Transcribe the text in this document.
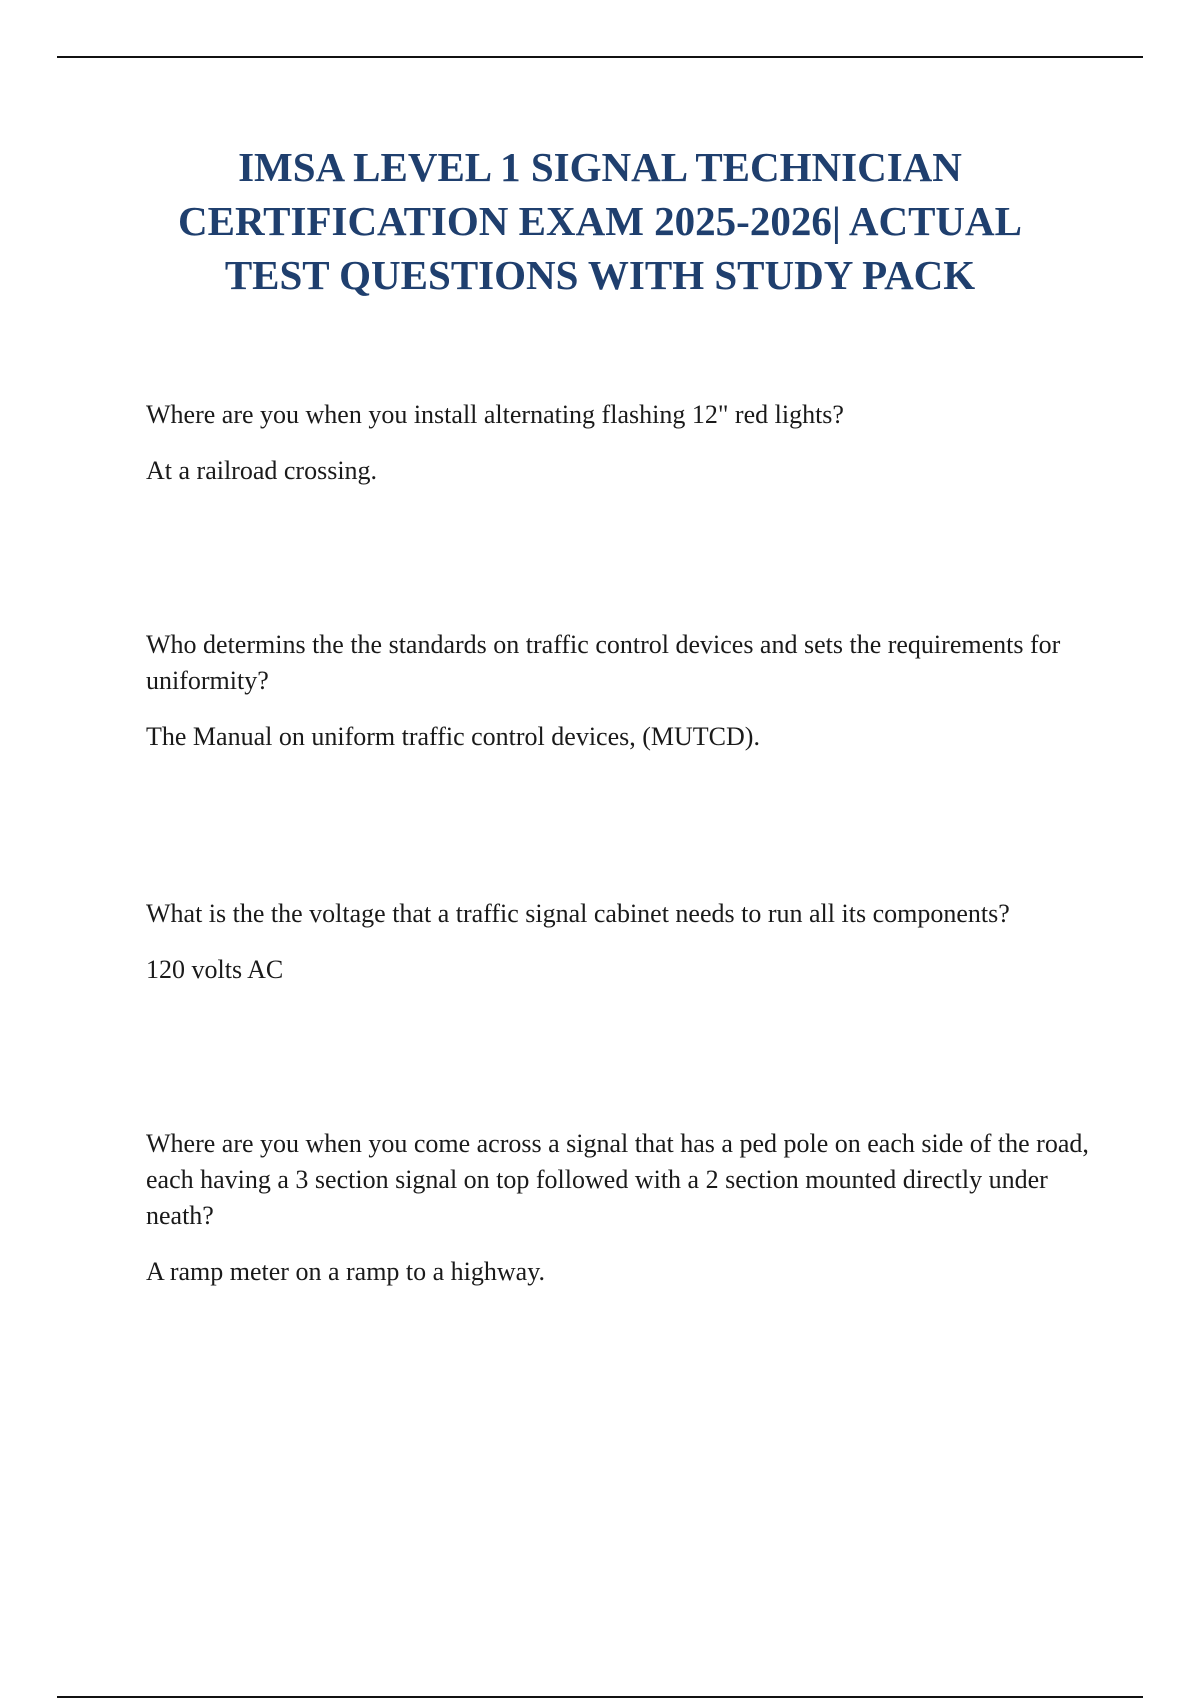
IMSA LEVEL 1 SIGNAL TECHNICIAN
CERTIFICATION EXAM 2025-2026| ACTUAL
TEST QUESTIONS WITH STUDY PACK

Where are you when you install alternating flashing 12" red lights?

At a railroad crossing.

Who determins the the standards on traffic control devices and sets the requirements for uniformity?

The Manual on uniform traffic control devices, (MUTCD).

What is the the voltage that a traffic signal cabinet needs to run all its components?

120 volts AC

Where are you when you come across a signal that has a ped pole on each side of the road, each having a 3 section signal on top followed with a 2 section mounted directly under neath?

A ramp meter on a ramp to a highway.
